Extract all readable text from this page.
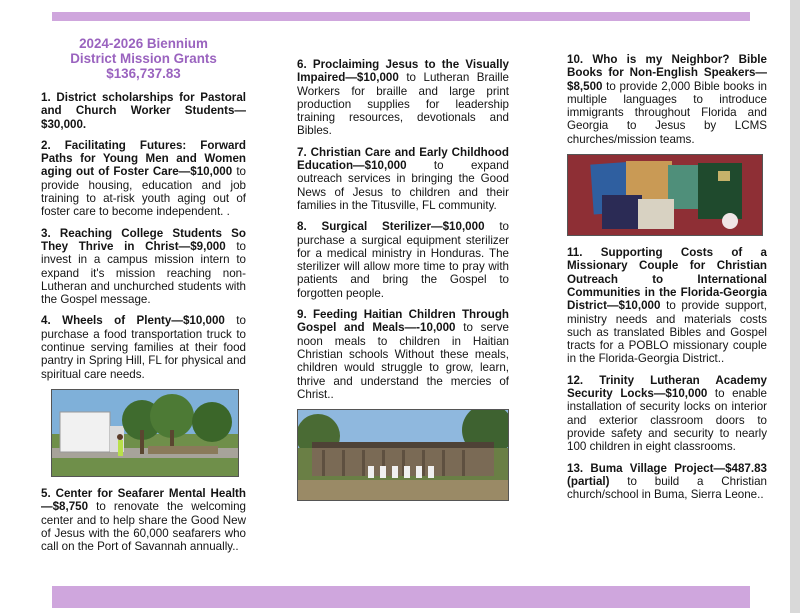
2024-2026 Biennium
District Mission Grants
$136,737.83
1. District scholarships for Pastoral and Church Worker Students—$30,000.
2. Facilitating Futures: Forward Paths for Young Men and Women aging out of Foster Care—$10,000 to provide housing, education and job training to at-risk youth aging out of foster care to become independent. .
3. Reaching College Students So They Thrive in Christ—$9,000 to invest in a campus mission intern to expand it's mission reaching non-Lutheran and unchurched students with the Gospel message.
4. Wheels of Plenty—$10,000 to purchase a food transportation truck to continue serving families at their food pantry in Spring Hill, FL for physical and spiritual care needs.
5. Center for Seafarer Mental Health—$8,750 to renovate the welcoming center and to help share the Good New of Jesus with the 60,000 seafarers who call on the Port of Savannah annually..
6. Proclaiming Jesus to the Visually Impaired—$10,000 to Lutheran Braille Workers for braille and large print production supplies for leadership training resources, devotionals and Bibles.
7. Christian Care and Early Childhood Education—$10,000 to expand outreach services in bringing the Good News of Jesus to children and their families in the Titusville, FL community.
8. Surgical Sterilizer—$10,000 to purchase a surgical equipment sterilizer for a medical ministry in Honduras. The sterilizer will allow more time to pray with patients and bring the Gospel to forgotten people.
9. Feeding Haitian Children Through Gospel and Meals—-10,000 to serve noon meals to children in Haitian Christian schools Without these meals, children would struggle to grow, learn, thrive and understand the mercies of Christ..
10. Who is my Neighbor? Bible Books for Non-English Speakers—$8,500 to provide 2,000 Bible books in multiple languages to introduce immigrants throughout Florida and Georgia to Jesus by LCMS churches/mission teams.
11. Supporting Costs of a Missionary Couple for Christian Outreach to International Communities in the Florida-Georgia District—$10,000 to provide support, ministry needs and materials costs such as translated Bibles and Gospel tracts for a POBLO missionary couple in the Florida-Georgia District..
12. Trinity Lutheran Academy Security Locks—$10,000 to enable installation of security locks on interior and exterior classroom doors to provide safety and security to nearly 100 children in eight classrooms.
13. Buma Village Project—$487.83 (partial) to build a Christian church/school in Buma, Sierra Leone..
